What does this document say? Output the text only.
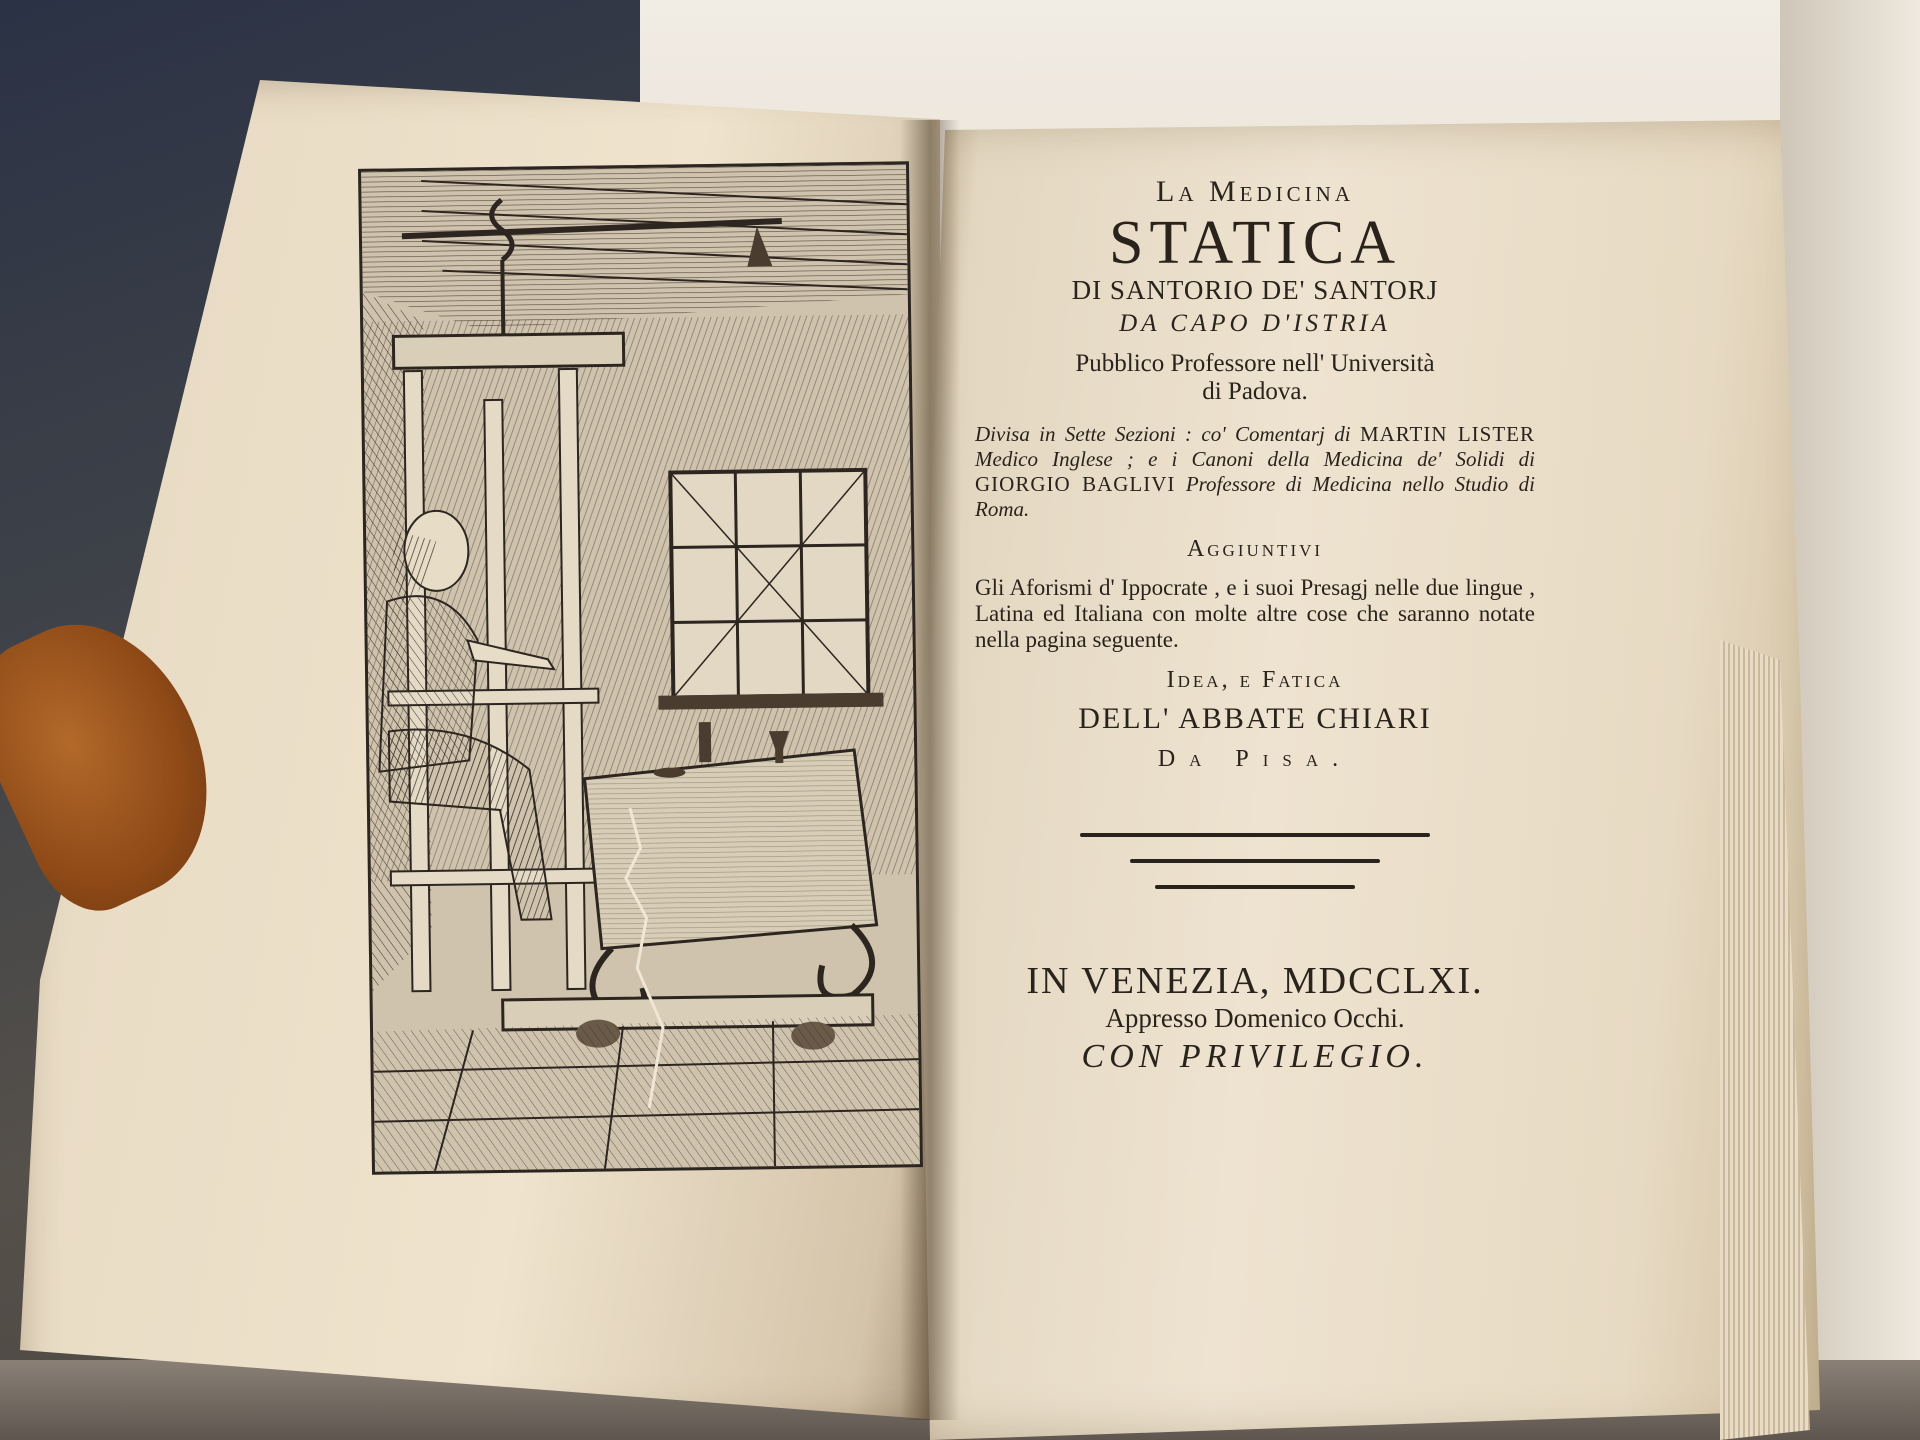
La Medicina
STATICA
DI SANTORIO DE' SANTORJ
DA CAPO D'ISTRIA
Pubblico Professore nell' Università
di Padova.
Divisa in Sette Sezioni : co' Comentarj di MARTIN LISTER Medico Inglese ; e i Canoni della Medicina de' Solidi di GIORGIO BAGLIVI Professore di Medicina nello Studio di Roma.
Aggiuntivi
Gli Aforismi d' Ippocrate , e i suoi Presagj nelle due lingue , Latina ed Italiana con molte altre cose che saranno notate nella pagina seguente.
Idea, e Fatica
DELL' ABBATE CHIARI
Da Pisa.
IN VENEZIA, MDCCLXI.
Appresso Domenico Occhi.
CON PRIVILEGIO.
